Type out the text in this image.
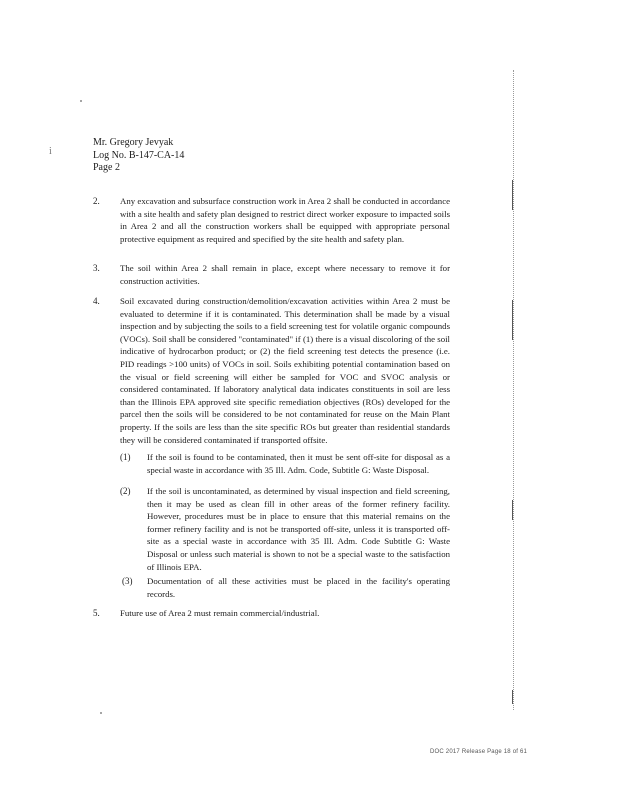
i
Mr. Gregory Jevyak
Log No. B-147-CA-14
Page 2
2. Any excavation and subsurface construction work in Area 2 shall be conducted in accordance with a site health and safety plan designed to restrict direct worker exposure to impacted soils in Area 2 and all the construction workers shall be equipped with appropriate personal protective equipment as required and specified by the site health and safety plan.
3. The soil within Area 2 shall remain in place, except where necessary to remove it for construction activities.
4. Soil excavated during construction/demolition/excavation activities within Area 2 must be evaluated to determine if it is contaminated. This determination shall be made by a visual inspection and by subjecting the soils to a field screening test for volatile organic compounds (VOCs). Soil shall be considered "contaminated" if (1) there is a visual discoloring of the soil indicative of hydrocarbon product; or (2) the field screening test detects the presence (i.e. PID readings >100 units) of VOCs in soil. Soils exhibiting potential contamination based on the visual or field screening will either be sampled for VOC and SVOC analysis or considered contaminated. If laboratory analytical data indicates constituents in soil are less than the Illinois EPA approved site specific remediation objectives (ROs) developed for the parcel then the soils will be considered to be not contaminated for reuse on the Main Plant property. If the soils are less than the site specific ROs but greater than residential standards they will be considered contaminated if transported offsite.
(1) If the soil is found to be contaminated, then it must be sent off-site for disposal as a special waste in accordance with 35 Ill. Adm. Code, Subtitle G: Waste Disposal.
(2) If the soil is uncontaminated, as determined by visual inspection and field screening, then it may be used as clean fill in other areas of the former refinery facility. However, procedures must be in place to ensure that this material remains on the former refinery facility and is not be transported off-site, unless it is transported off-site as a special waste in accordance with 35 Ill. Adm. Code Subtitle G: Waste Disposal or unless such material is shown to not be a special waste to the satisfaction of Illinois EPA.
(3) Documentation of all these activities must be placed in the facility's operating records.
5. Future use of Area 2 must remain commercial/industrial.
DOC 2017 Release Page 18 of 61
